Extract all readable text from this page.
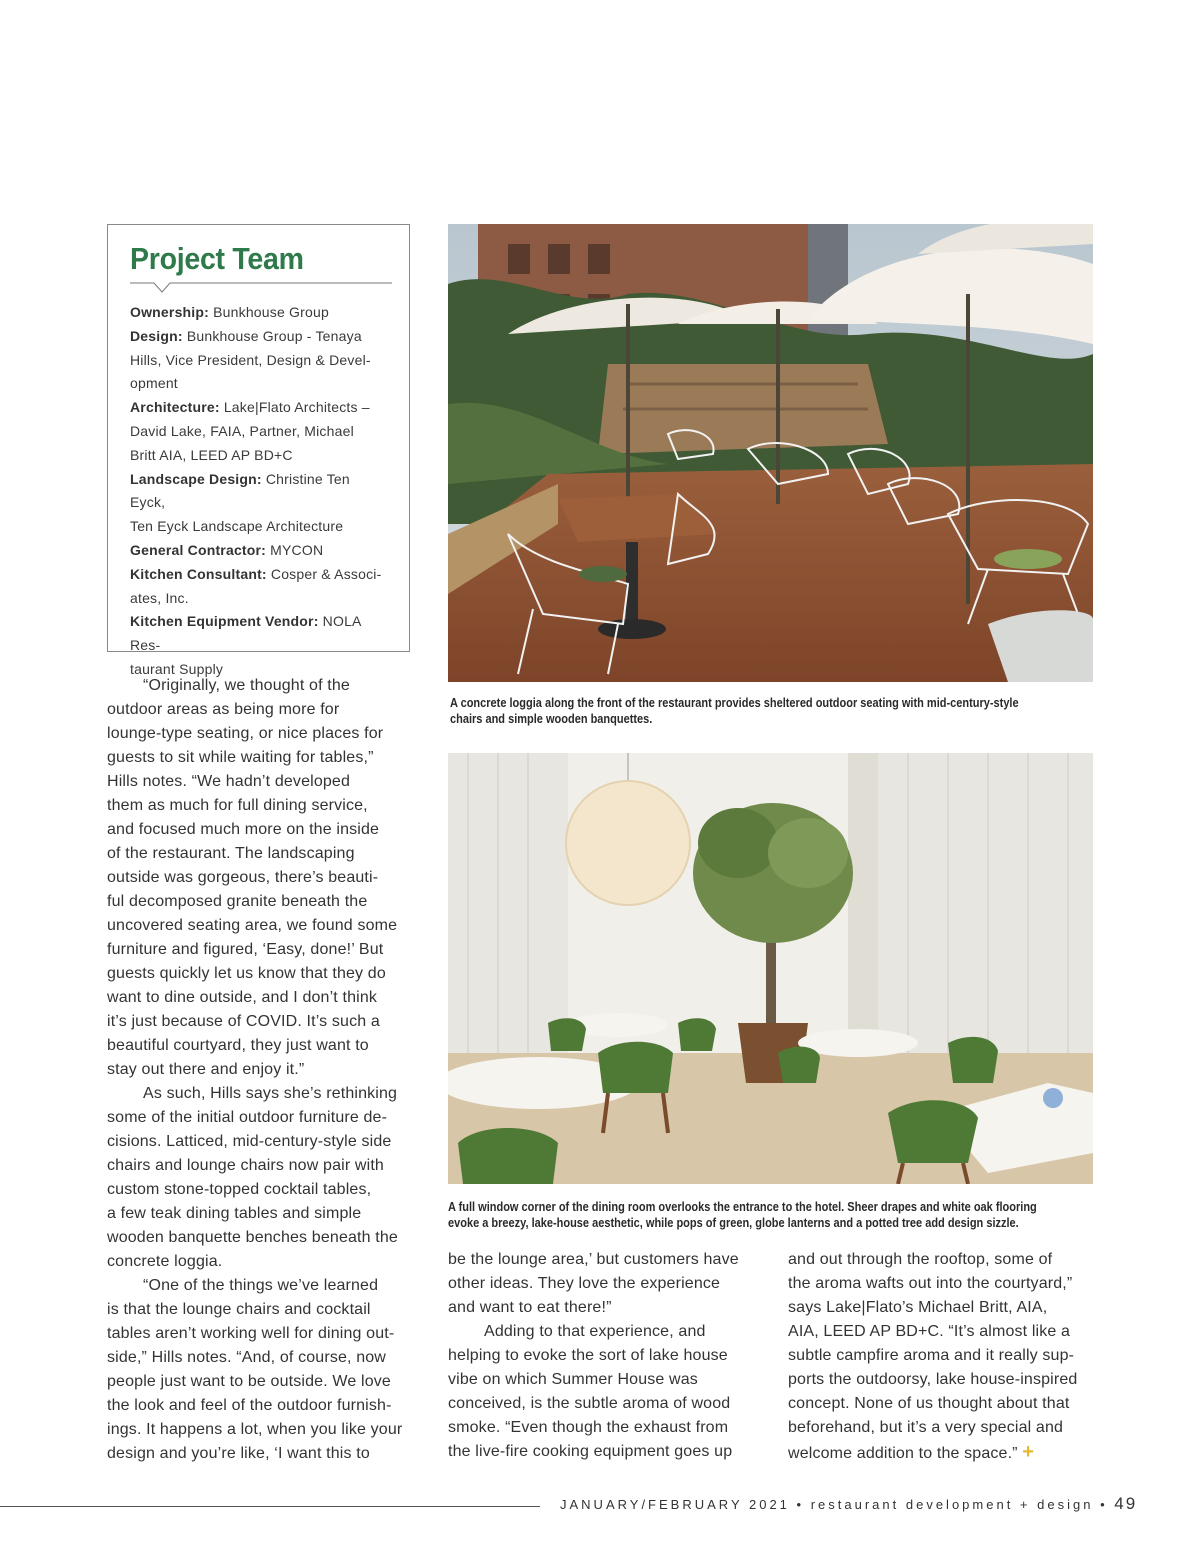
Project Team
Ownership: Bunkhouse Group
Design: Bunkhouse Group - Tenaya
Hills, Vice President, Design & Devel-
opment
Architecture: Lake|Flato Architects –
David Lake, FAIA, Partner, Michael
Britt AIA, LEED AP BD+C
Landscape Design: Christine Ten Eyck,
Ten Eyck Landscape Architecture
General Contractor: MYCON
Kitchen Consultant: Cosper & Associ-
ates, Inc.
Kitchen Equipment Vendor: NOLA Res-
taurant Supply

“Originally, we thought of the
outdoor areas as being more for
lounge-type seating, or nice places for
guests to sit while waiting for tables,”
Hills notes. “We hadn’t developed
them as much for full dining service,
and focused much more on the inside
of the restaurant. The landscaping
outside was gorgeous, there’s beauti-
ful decomposed granite beneath the
uncovered seating area, we found some
furniture and figured, ‘Easy, done!’ But
guests quickly let us know that they do
want to dine outside, and I don’t think
it’s just because of COVID. It’s such a
beautiful courtyard, they just want to
stay out there and enjoy it.”

As such, Hills says she’s rethinking
some of the initial outdoor furniture de-
cisions. Latticed, mid-century-style side
chairs and lounge chairs now pair with
custom stone-topped cocktail tables,
a few teak dining tables and simple
wooden banquette benches beneath the
concrete loggia.

“One of the things we’ve learned
is that the lounge chairs and cocktail
tables aren’t working well for dining out-
side,” Hills notes. “And, of course, now
people just want to be outside. We love
the look and feel of the outdoor furnish-
ings. It happens a lot, when you like your
design and you’re like, ‘I want this to

A concrete loggia along the front of the restaurant provides sheltered outdoor seating with mid-century-style
chairs and simple wooden banquettes.
A full window corner of the dining room overlooks the entrance to the hotel. Sheer drapes and white oak flooring
evoke a breezy, lake-house aesthetic, while pops of green, globe lanterns and a potted tree add design sizzle.

be the lounge area,’ but customers have
other ideas. They love the experience
and want to eat there!”

Adding to that experience, and
helping to evoke the sort of lake house
vibe on which Summer House was
conceived, is the subtle aroma of wood
smoke. “Even though the exhaust from
the live-fire cooking equipment goes up

and out through the rooftop, some of
the aroma wafts out into the courtyard,”
says Lake|Flato’s Michael Britt, AIA,
AIA, LEED AP BD+C. “It’s almost like a
subtle campfire aroma and it really sup-
ports the outdoorsy, lake house-inspired
concept. None of us thought about that
beforehand, but it’s a very special and
welcome addition to the space.” +

JANUARY/FEBRUARY 2021 • restaurant development + design • 49
